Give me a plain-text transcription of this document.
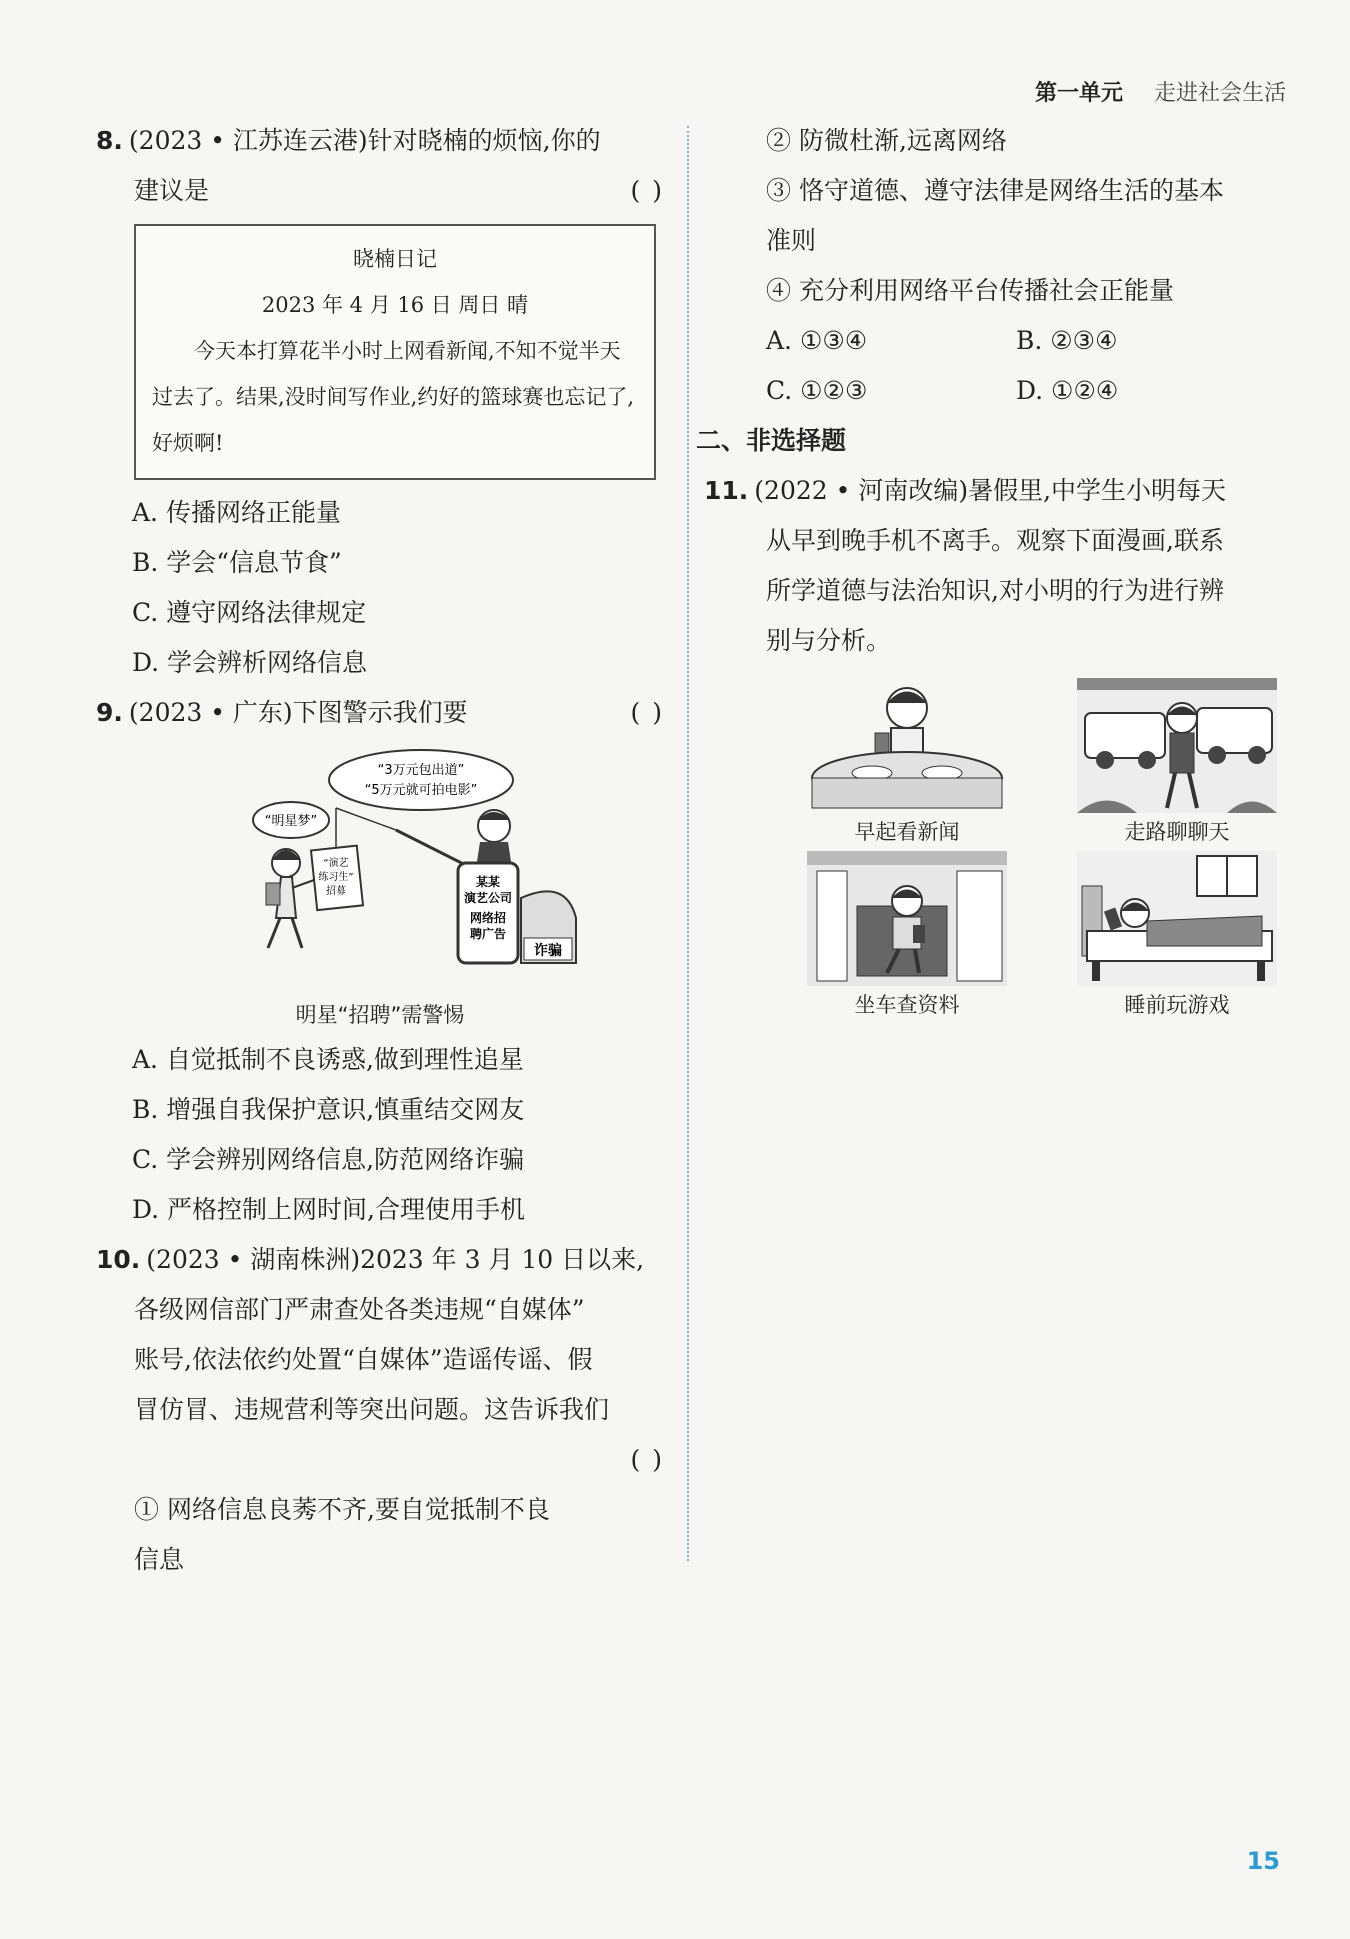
第一单元 走进社会生活
8. (2023 • 江苏连云港)针对晓楠的烦恼,你的
建议是	( )
晓楠日记
2023 年 4 月 16 日 周日 晴
今天本打算花半小时上网看新闻,不知不觉半天过去了。结果,没时间写作业,约好的篮球赛也忘记了,好烦啊!
A. 传播网络正能量
B. 学会“信息节食”
C. 遵守网络法律规定
D. 学会辨析网络信息
9. (2023 • 广东)下图警示我们要	( )
“3万元包出道”
“5万元就可拍电影”
“明星梦”
“演艺
练习生”
招募
某某
演艺公司
网络招
聘广告
诈骗
明星“招聘”需警惕
A. 自觉抵制不良诱惑,做到理性追星
B. 增强自我保护意识,慎重结交网友
C. 学会辨别网络信息,防范网络诈骗
D. 严格控制上网时间,合理使用手机
10. (2023 • 湖南株洲)2023 年 3 月 10 日以来,
各级网信部门严肃查处各类违规“自媒体”
账号,依法依约处置“自媒体”造谣传谣、假
冒仿冒、违规营利等突出问题。这告诉我们
( )
① 网络信息良莠不齐,要自觉抵制不良
信息
② 防微杜渐,远离网络
③ 恪守道德、遵守法律是网络生活的基本
准则
④ 充分利用网络平台传播社会正能量
A. ①③④	B. ②③④
C. ①②③	D. ①②④
二、非选择题
11. (2022 • 河南改编)暑假里,中学生小明每天
从早到晚手机不离手。观察下面漫画,联系
所学道德与法治知识,对小明的行为进行辨
别与分析。
早起看新闻	走路聊聊天
坐车查资料	睡前玩游戏
15
